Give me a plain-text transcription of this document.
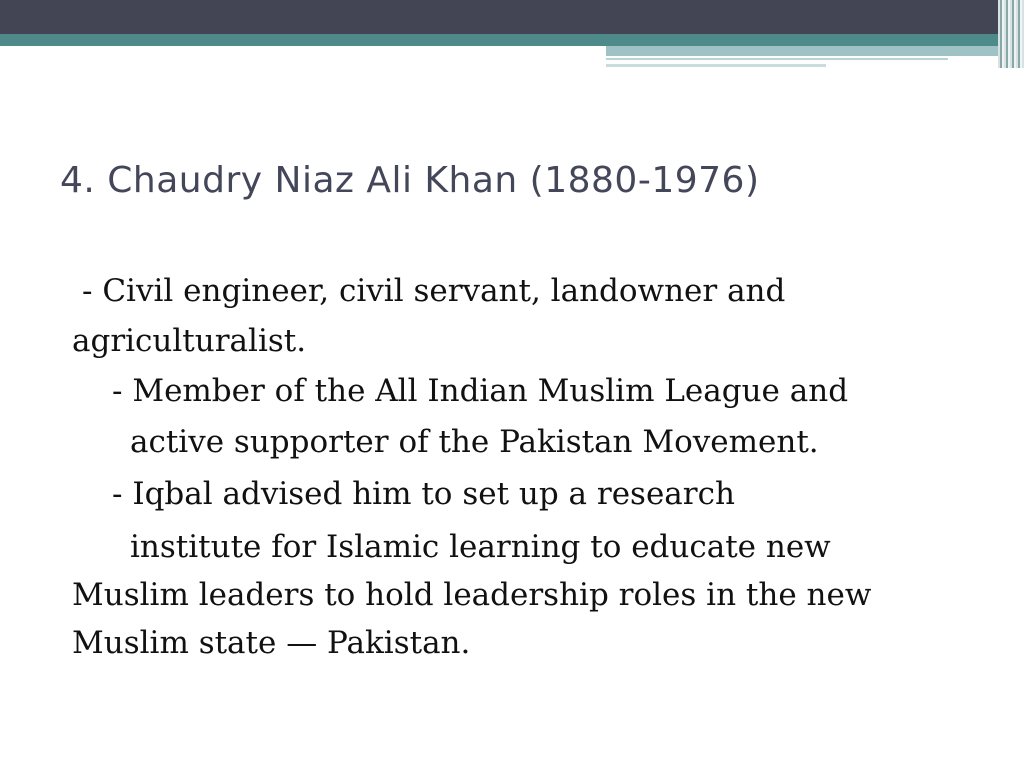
4. Chaudry Niaz Ali Khan (1880-1976)
- Civil engineer, civil servant, landowner and
agriculturalist.
- Member of the All Indian Muslim League and
active supporter of the Pakistan Movement.
- Iqbal advised him to set up a research
institute for Islamic learning to educate new
Muslim leaders to hold leadership roles in the new
Muslim state — Pakistan.
